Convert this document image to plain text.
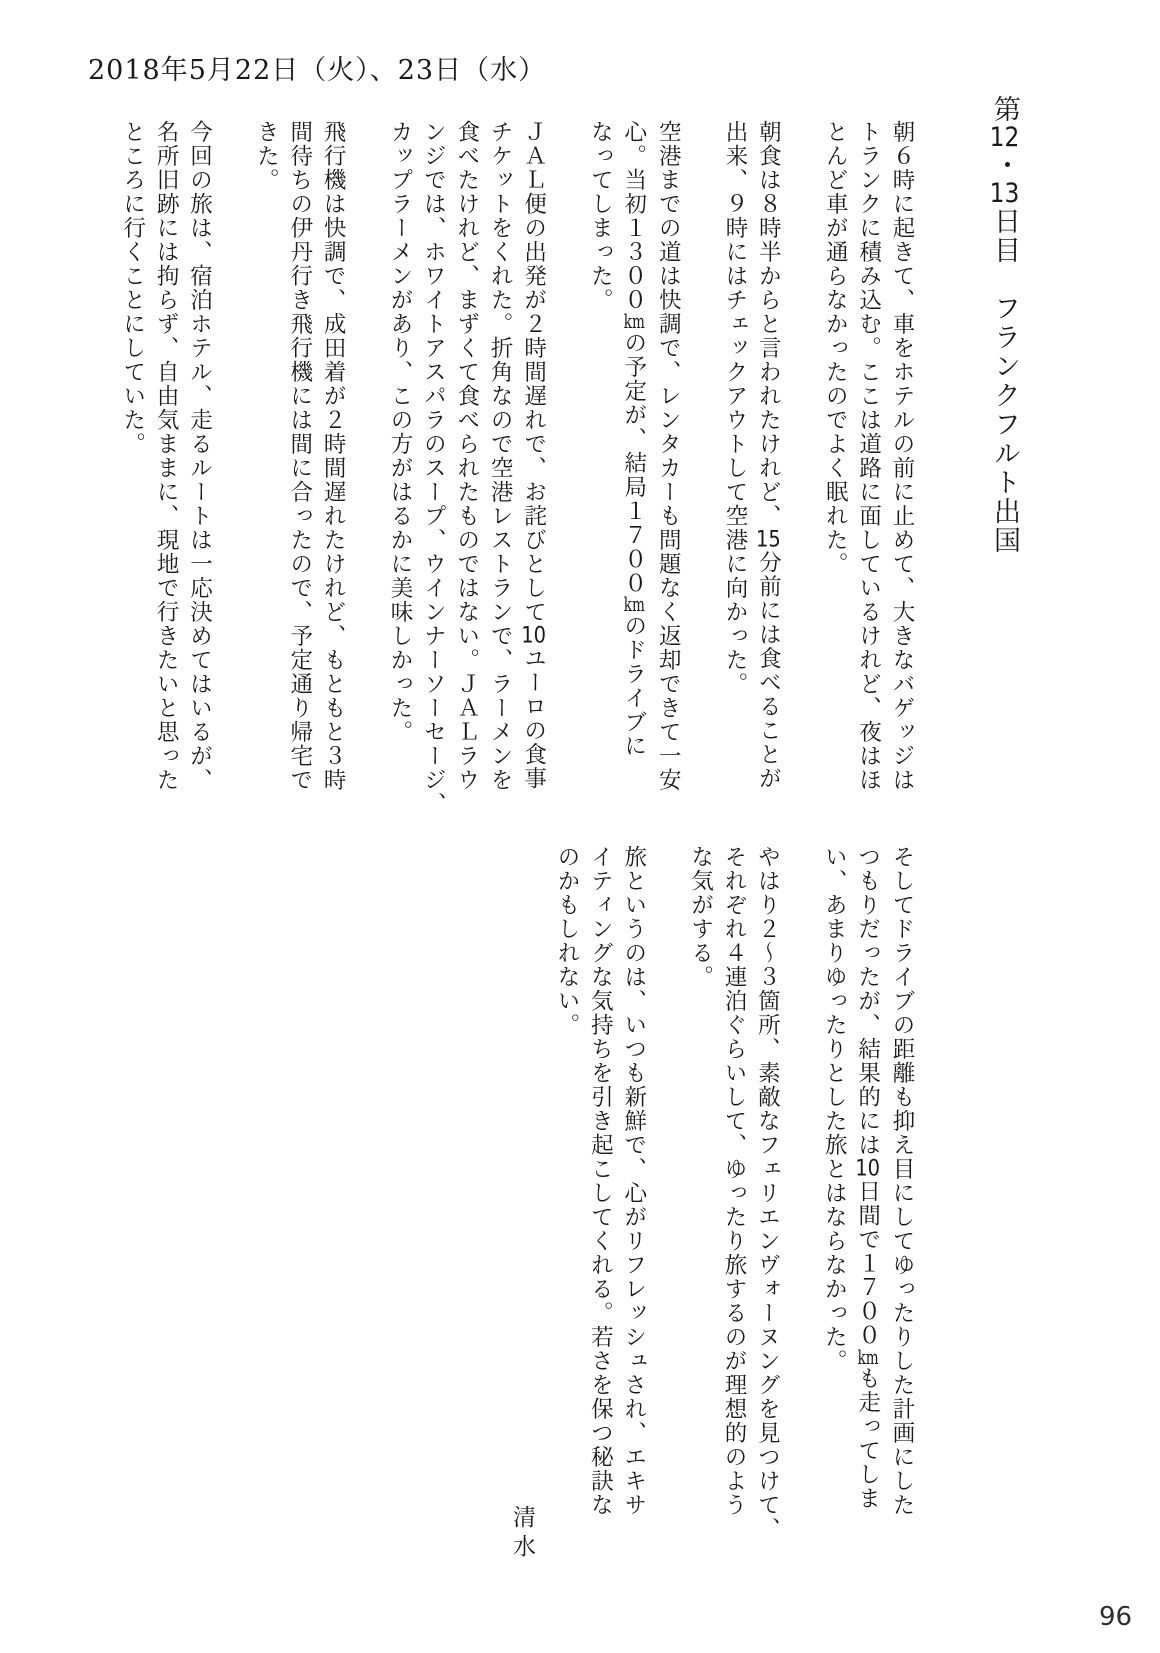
2018年5月22日（火）、23日（水）
第12・13日目　フランクフルト出国

朝６時に起きて、車をホテルの前に止めて、大きなバゲッジは
トランクに積み込む。ここは道路に面しているけれど、夜はほ
とんど車が通らなかったのでよく眠れた。

朝食は８時半からと言われたけれど、15分前には食べることが
出来、９時にはチェックアウトして空港に向かった。

空港までの道は快調で、レンタカーも問題なく返却できて一安
心。当初１３００kmの予定が、結局１７００kmのドライブに
なってしまった。

ＪＡＬ便の出発が２時間遅れで、お詫びとして10ユーロの食事
チケットをくれた。折角なので空港レストランで、ラーメンを
食べたけれど、まずくて食べられたものではない。ＪＡＬラウ
ンジでは、ホワイトアスパラのスープ、ウインナーソーセージ、
カップラーメンがあり、この方がはるかに美味しかった。

飛行機は快調で、成田着が２時間遅れたけれど、もともと３時
間待ちの伊丹行き飛行機には間に合ったので、予定通り帰宅で
きた。

今回の旅は、宿泊ホテル、走るルートは一応決めてはいるが、
名所旧跡には拘らず、自由気ままに、現地で行きたいと思った
ところに行くことにしていた。

そしてドライブの距離も抑え目にしてゆったりした計画にした
つもりだったが、結果的には10日間で１７００kmも走ってしま
い、あまりゆったりとした旅とはならなかった。

やはり２〜３箇所、素敵なフェリエンヴォーヌングを見つけて、
それぞれ４連泊ぐらいして、ゆったり旅するのが理想的のよう
な気がする。

旅というのは、いつも新鮮で、心がリフレッシュされ、エキサ
イティングな気持ちを引き起こしてくれる。若さを保つ秘訣な
のかもしれない。

清水
96
